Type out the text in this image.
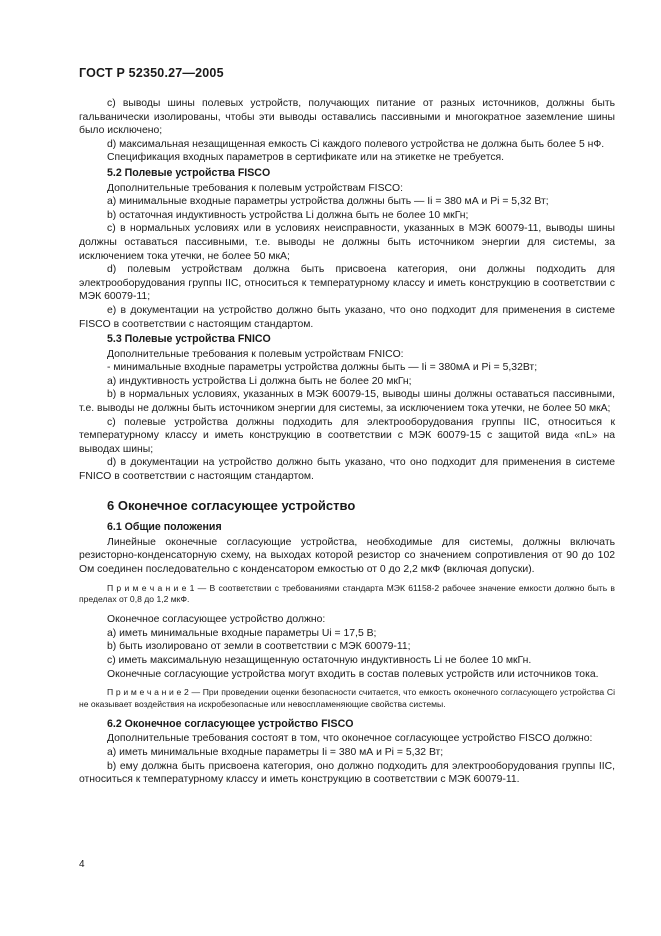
ГОСТ Р 52350.27—2005
c) выводы шины полевых устройств, получающих питание от разных источников, должны быть гальванически изолированы, чтобы эти выводы оставались пассивными и многократное заземление шины было исключено;
d) максимальная незащищенная емкость Ci каждого полевого устройства не должна быть более 5 нФ.
Спецификация входных параметров в сертификате или на этикетке не требуется.
5.2 Полевые устройства FISCO
Дополнительные требования к полевым устройствам FISCO:
a) минимальные входные параметры устройства должны быть — Ii = 380 мА и Pi = 5,32 Вт;
b) остаточная индуктивность устройства Li должна быть не более 10 мкГн;
c) в нормальных условиях или в условиях неисправности, указанных в МЭК 60079-11, выводы шины должны оставаться пассивными, т.е. выводы не должны быть источником энергии для системы, за исключением тока утечки, не более 50 мкА;
d) полевым устройствам должна быть присвоена категория, они должны подходить для электрооборудования группы IIC, относиться к температурному классу и иметь конструкцию в соответствии с МЭК 60079-11;
e) в документации на устройство должно быть указано, что оно подходит для применения в системе FISCO в соответствии с настоящим стандартом.
5.3 Полевые устройства FNICO
Дополнительные требования к полевым устройствам FNICO:
- минимальные входные параметры устройства должны быть — Ii = 380мА и Pi = 5,32Вт;
a) индуктивность устройства Li должна быть не более 20 мкГн;
b) в нормальных условиях, указанных в МЭК 60079-15, выводы шины должны оставаться пассивными, т.е. выводы не должны быть источником энергии для системы, за исключением тока утечки, не более 50 мкА;
c) полевые устройства должны подходить для электрооборудования группы IIC, относиться к температурному классу и иметь конструкцию в соответствии с МЭК 60079-15 с защитой вида «nL» на выводах шины;
d) в документации на устройство должно быть указано, что оно подходит для применения в системе FNICO в соответствии с настоящим стандартом.
6 Оконечное согласующее устройство
6.1 Общие положения
Линейные оконечные согласующие устройства, необходимые для системы, должны включать резисторно-конденсаторную схему, на выходах которой резистор со значением сопротивления от 90 до 102 Ом соединен последовательно с конденсатором емкостью от 0 до 2,2 мкФ (включая допуски).
П р и м е ч а н и е 1 — В соответствии с требованиями стандарта МЭК 61158-2 рабочее значение емкости должно быть в пределах от 0,8 до 1,2 мкФ.
Оконечное согласующее устройство должно:
a) иметь минимальные входные параметры Ui = 17,5 В;
b) быть изолировано от земли в соответствии с МЭК 60079-11;
c) иметь максимальную незащищенную остаточную индуктивность Li не более 10 мкГн.
Оконечные согласующие устройства могут входить в состав полевых устройств или источников тока.
П р и м е ч а н и е 2 — При проведении оценки безопасности считается, что емкость оконечного согласующего устройства Ci не оказывает воздействия на искробезопасные или невоспламеняющие свойства системы.
6.2 Оконечное согласующее устройство FISCO
Дополнительные требования состоят в том, что оконечное согласующее устройство FISCO должно:
a) иметь минимальные входные параметры Ii = 380 мА и Pi = 5,32 Вт;
b) ему должна быть присвоена категория, оно должно подходить для электрооборудования группы IIC, относиться к температурному классу и иметь конструкцию в соответствии с МЭК 60079-11.
4
